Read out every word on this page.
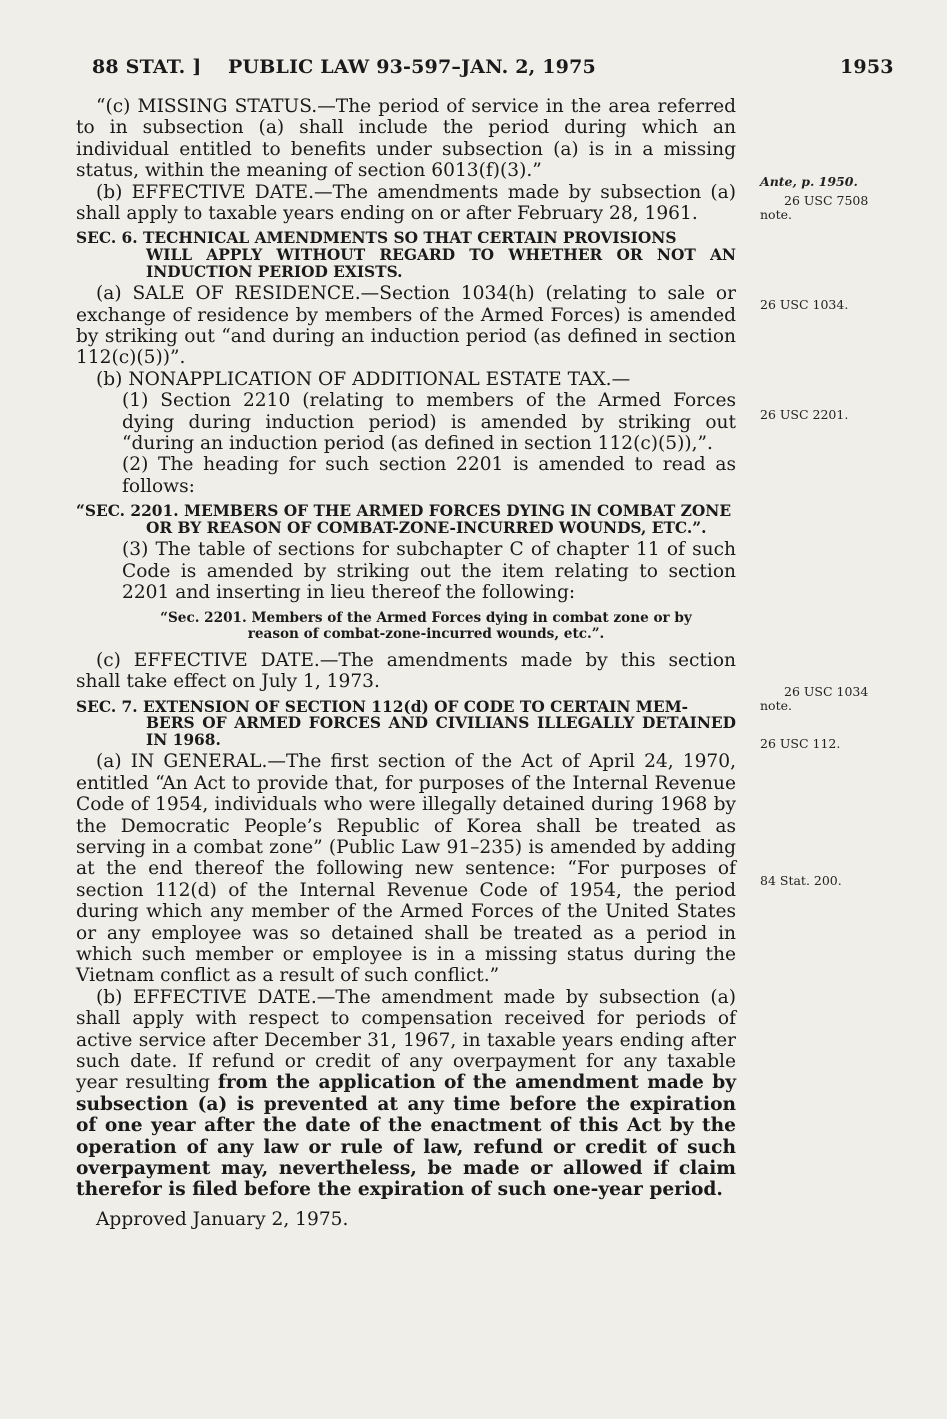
88 STAT. ] PUBLIC LAW 93-597–JAN. 2, 1975	1953

“(c) MISSING STATUS.—The period of service in the area referred to in subsection (a) shall include the period during which an individual entitled to benefits under subsection (a) is in a missing status, within the meaning of section 6013(f)(3).”

(b) EFFECTIVE DATE.—The amendments made by subsection (a) shall apply to taxable years ending on or after February 28, 1961.

SEC. 6. TECHNICAL AMENDMENTS SO THAT CERTAIN PROVISIONS
WILL APPLY WITHOUT REGARD TO WHETHER OR NOT AN INDUCTION PERIOD EXISTS.

(a) SALE OF RESIDENCE.—Section 1034(h) (relating to sale or exchange of residence by members of the Armed Forces) is amended by striking out “and during an induction period (as defined in section 112(c)(5))”.

(b) NONAPPLICATION OF ADDITIONAL ESTATE TAX.—

(1) Section 2210 (relating to members of the Armed Forces dying during induction period) is amended by striking out “during an induction period (as defined in section 112(c)(5)),”.

(2) The heading for such section 2201 is amended to read as follows:

“SEC. 2201. MEMBERS OF THE ARMED FORCES DYING IN COMBAT ZONE
OR BY REASON OF COMBAT-ZONE-INCURRED WOUNDS, ETC.”.

(3) The table of sections for subchapter C of chapter 11 of such Code is amended by striking out the item relating to section 2201 and inserting in lieu thereof the following:

“Sec. 2201. Members of the Armed Forces dying in combat zone or by
reason of combat-zone-incurred wounds, etc.”.

(c) EFFECTIVE DATE.—The amendments made by this section shall take effect on July 1, 1973.

SEC. 7. EXTENSION OF SECTION 112(d) OF CODE TO CERTAIN MEM-
BERS OF ARMED FORCES AND CIVILIANS ILLEGALLY DETAINED IN 1968.

(a) IN GENERAL.—The first section of the Act of April 24, 1970, entitled “An Act to provide that, for purposes of the Internal Revenue Code of 1954, individuals who were illegally detained during 1968 by the Democratic People’s Republic of Korea shall be treated as serving in a combat zone” (Public Law 91–235) is amended by adding at the end thereof the following new sentence: “For purposes of section 112(d) of the Internal Revenue Code of 1954, the period during which any member of the Armed Forces of the United States or any employee was so detained shall be treated as a period in which such member or employee is in a missing status during the Vietnam conflict as a result of such conflict.”

(b) EFFECTIVE DATE.—The amendment made by subsection (a) shall apply with respect to compensation received for periods of active service after December 31, 1967, in taxable years ending after such date. If refund or credit of any overpayment for any taxable year resulting from the application of the amendment made by subsection (a) is prevented at any time before the expiration of one year after the date of the enactment of this Act by the operation of any law or rule of law, refund or credit of such overpayment may, nevertheless, be made or allowed if claim therefor is filed before the expiration of such one-year period.

Approved January 2, 1975.

Ante, p. 1950.
26 USC 7508
note.
26 USC 1034.
26 USC 2201.
26 USC 1034
note.
26 USC 112.
84 Stat. 200.
